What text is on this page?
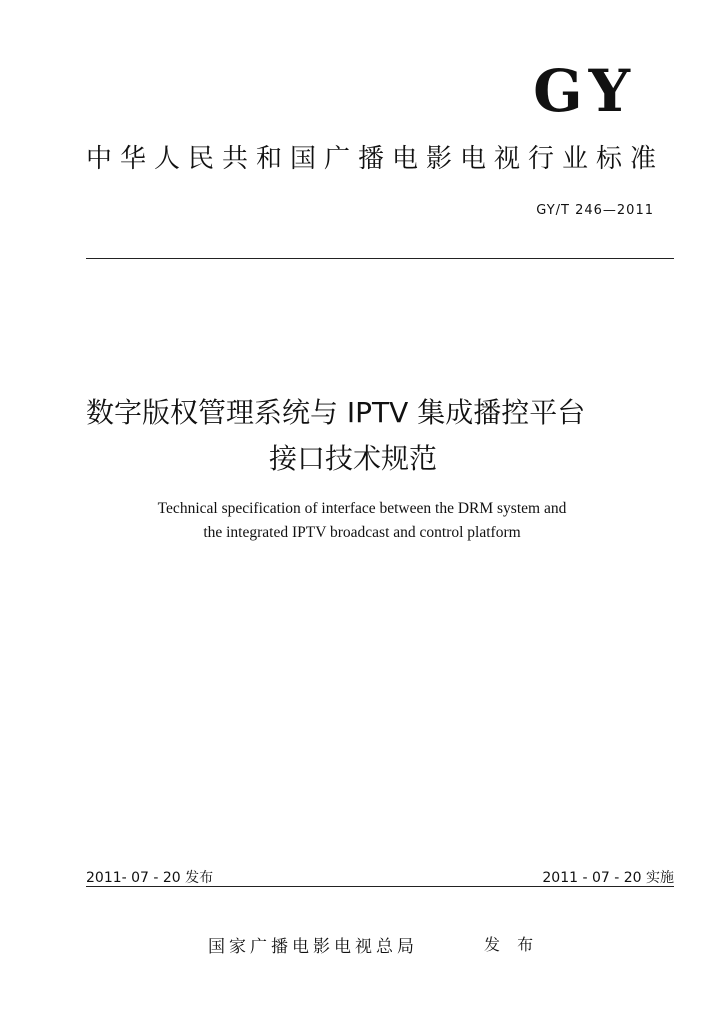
GY
中华人民共和国广播电影电视行业标准
GY/T 246—2011
数字版权管理系统与 IPTV 集成播控平台
接口技术规范
Technical specification of interface between the DRM system and
the integrated IPTV broadcast and control platform
2011- 07 - 20 发布	2011 - 07 - 20 实施
国家广播电影电视总局	发 布
